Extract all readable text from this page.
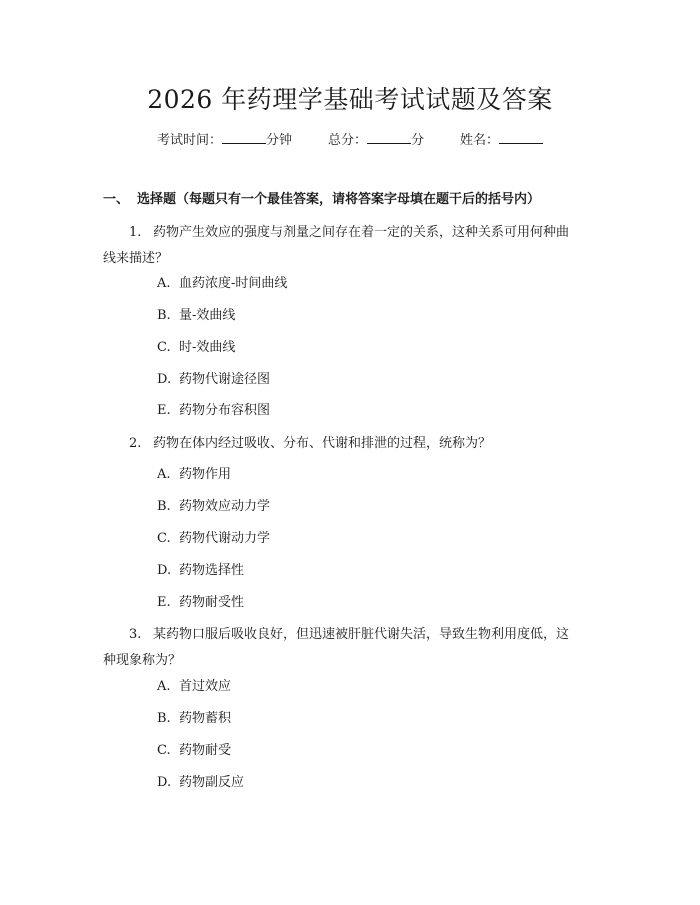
2026 年药理学基础考试试题及答案
考试时间：	分钟	总分：	分	姓名：
一、 选择题（每题只有一个最佳答案，请将答案字母填在题干后的括号内）
1. 药物产生效应的强度与剂量之间存在着一定的关系，这种关系可用何种曲
线来描述？
A. 血药浓度-时间曲线
B. 量-效曲线
C. 时-效曲线
D. 药物代谢途径图
E. 药物分布容积图
2. 药物在体内经过吸收、分布、代谢和排泄的过程，统称为？
A. 药物作用
B. 药物效应动力学
C. 药物代谢动力学
D. 药物选择性
E. 药物耐受性
3. 某药物口服后吸收良好，但迅速被肝脏代谢失活，导致生物利用度低，这
种现象称为？
A. 首过效应
B. 药物蓄积
C. 药物耐受
D. 药物副反应
